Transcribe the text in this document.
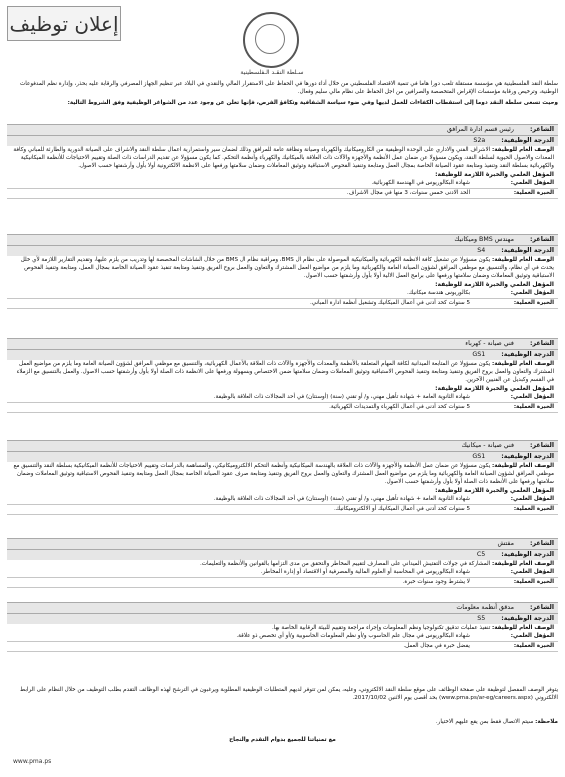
إعلان توظيف
سـلطة النقـد الـفلسطينية
سلطة النقد الفلسطينية هي مؤسسة مستقلة تلعب دورا هاما في تنمية الاقتصاد الفلسطيني من خلال أداء دورها في الحفاظ على الاستقرار المالي والنقدي في البلاد عبر تنظيم الجهاز المصرفي والرقابة عليه بحذر، وإدارة نظم المدفوعات الوطنية، وترخيص ورقابة مؤسسات الإقراض المتخصصة والصرافين من اجل الحفاظ على نظام مالي سليم وفعال.
وحيث تسعى سلطة النقد دوما إلى استقطاب الكفاءات للعمل لديها وفي ضوء سياسة الشفافية وتكافؤ الفرص، فإنها تعلن عن وجود عدد من الشواغر الوظيفية وفق الشروط التالية:
الشاغر:رئيس قسم ادارة المرافق
الدرجة الوظيفية:S2a
الوصف العام للوظيفة: الاشراف الفني والاداري على الوحدة الوظيفية من الكاروميكانيك والكهرباء وصيانة ونظافة عامة للمرافق وذلك لضمان سير واستمرارية اعمال سلطة النقد والاشراف على الصيانة الدورية والطارئة للمباني وكافة المعدات والاصول الحيوية لسلطة النقد، ويكون مسؤولا عن ضمان عمل الأنظمة والأجهزة والآلات ذات العلاقة بالميكانيك والكهرباء وأنظمة التحكم. كما يكون مسؤولا عن تقديم الدراسات ذات الصلة وتقييم الاحتياجات للأنظمة الميكانيكية والكهربائية بسلطة النقد وتنفيذ ومتابعة عقود الصيانة الخاصة بمجال العمل ومتابعة وتنفيذ الفحوص الاستباقية وتوثيق المعاملات وضمان سلامتها ورفعها على الانظمة الالكترونية أولا بأول وأرشفتها حسب الاصول.
المؤهل العلمي والخبرة اللازمة للوظيفة:
المؤهل العلمي:
شهادة البكالوريوس في الهندسة الكهربائية.
الخبرة العملية:
الحد الادنى خمس سنوات، 3 منها في مجال الاشراف.
الشاغر:مهندس BMS وميكانيك
الدرجة الوظيفية:S4
الوصف العام للوظيفة: يكون مسؤولا عن تشغيل كافة الانظمة الكهربائية والميكانيكية الموصولة على نظام ال BMS، ومراقبة نظام ال BMS من خلال الشاشات المخصصة لها وتدريب من يلزم عليها، وتقديم التقارير اللازمة لأي خلل يحدث في أي نظام، والتنسيق مع موظفي المرافق لشؤون الصيانة العامة والكهربائية وما يلزم من مواضيع العمل المشترك والتعاون والعمل بروح الفريق وتنفيذ ومتابعة تنفيذ عقود الصيانة الخاصة بمجال العمل، ومتابعة وتنفيذ الفحوص الاستباقية وتوثيق المعاملات وضمان سلامتها ورفعها على برامج العمل الالية أولا بأول وأرشفتها حسب الاصول.
المؤهل العلمي والخبرة اللازمة للوظيفة:
المؤهل العلمي:
بكالوريوس هندسة ميكانيك.
الخبرة العملية:
5 سنوات كحد أدنى في أعمال الميكانيك وتشغيل أنظمة ادارة المباني.
الشاغر:فني صيانة - كهرباء
الدرجة الوظيفية:GS1
الوصف العام للوظيفة: يكون مسؤولا عن المتابعة الميدانية لكافة المهام المتعلقة بالأنظمة والمعدات والأجهزة والآلات ذات العلاقة بالأعمال الكهربائية، والتنسيق مع موظفي المرافق لشؤون الصيانة العامة وما يلزم من مواضيع العمل المشترك والتعاون والعمل بروح الفريق وتنفيذ ومتابعة وتنفيذ الفحوص الاستباقية وتوثيق المعاملات وضمان سلامتها ضمن الاختصاص وبسهولة ورفعها على الانظمة ذات الصلة أولا بأول وأرشفتها حسب الاصول. والعمل بالتنسيق مع الزملاء في القسم وكبديل عن الفنيين الآخرين.
المؤهل العلمي والخبرة اللازمة للوظيفة:
المؤهل العلمي:
شهادة الثانوية العامة + شهادة تأهيل مهني، و/ أو تقني (سنة) (أوسنتان) في أحد المجالات ذات العلاقة بالوظيفة.
الخبرة العملية:
5 سنوات كحد أدنى في أعمال الكهرباء والتمديدات الكهربائية.
الشاغر:فني صيانة - ميكانيك
الدرجة الوظيفية:GS1
الوصف العام للوظيفة: يكون مسؤولا عن ضمان عمل الأنظمة والأجهزة والآلات ذات العلاقة بالهندسة الميكانيكية وأنظمة التحكم الالكتروميكانيكي، والمساهمة بالدراسات وتقييم الاحتياجات للأنظمة الميكانيكية بسلطة النقد والتنسيق مع موظفي المرافق لشؤون الصيانة العامة والكهربائية وما يلزم من مواضيع العمل المشترك والتعاون والعمل بروح الفريق وتنفيذ ومتابعة صرف عقود الصيانة الخاصة بمجال العمل ومتابعة وتنفيذ الفحوص الاستباقية وتوثيق المعاملات وضمان سلامتها ورفعها على الأنظمة ذات الصلة أولا بأول وأرشفتها حسب الاصول.
المؤهل العلمي والخبرة اللازمة للوظيفة:
المؤهل العلمي:
شهادة الثانوية العامة + شهادة تأهيل مهني، و/ أو تقني (سنة) (أوسنتان) في أحد المجالات ذات العلاقة بالوظيفة.
الخبرة العملية:
5 سنوات كحد أدنى في أعمال الميكانيك أو الالكتروميكانيك.
الشاغر:مفتش
الدرجة الوظيفية:C5
الوصف العام للوظيفة: المشاركة في جولات التفتيش الميداني على المصارف لتقييم المخاطر والتحقق من مدى التزامها بالقوانين والأنظمة والتعليمات.
المؤهل العلمي:
شهادة البكالوريوس في المحاسبة أو العلوم المالية والمصرفية أو الاقتصاد أو إدارة المخاطر.
الخبرة العملية:
لا يشترط وجود سنوات خبرة.
الشاغر:مدقق أنظمة معلومات
الدرجة الوظيفية:S5
الوصف العام للوظيفة: تنفيذ عمليات تدقيق تكنولوجيا ونظم المعلومات وإجراء مراجعة وتقييم للبيئة الرقابية الخاصة بها.
المؤهل العلمي:
شهادة البكالوريوس في مجال علم الحاسوب و/أو نظم المعلومات الحاسوبية و/أو أي تخصص ذو علاقة.
الخبرة العملية:
يفضل خبرة في مجال العمل.
يتوفر الوصف المفصل لتوظيفة على صفحة الوظائف على موقع سلطة النقد الالكتروني، وعليه، يمكن لمن تتوفر لديهم المتطلبات الوظيفية المطلوبة ويرغبون في الترشح لهذه الوظائف التقدم بطلب التوظيف من خلال النظام على الرابط الالكتروني (www.pma.ps/ar-eg/careers.aspx) بحد أقصى يوم الاثنين 2017/10/02.
ملاحظة: سيتم الاتصال فقط بمن يقع عليهم الاختيار.
مع تمنياتنا للجميع بدوام التقدم والنجاح
www.pma.ps
